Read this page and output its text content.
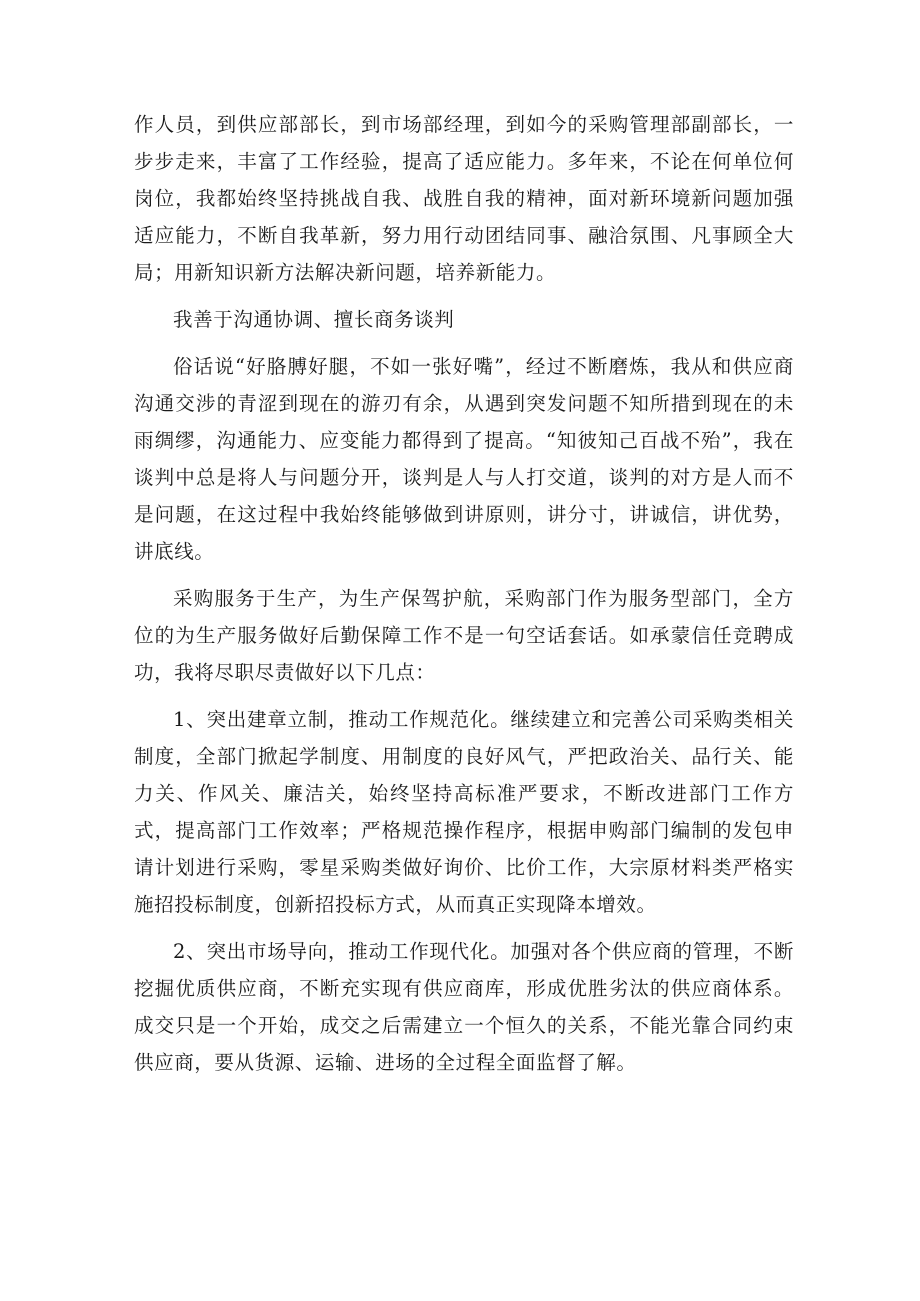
作人员，到供应部部长，到市场部经理，到如今的采购管理部副部长，一步步走来，丰富了工作经验，提高了适应能力。多年来，不论在何单位何岗位，我都始终坚持挑战自我、战胜自我的精神，面对新环境新问题加强适应能力，不断自我革新，努力用行动团结同事、融洽氛围、凡事顾全大局；用新知识新方法解决新问题，培养新能力。

我善于沟通协调、擅长商务谈判

俗话说“好胳膊好腿，不如一张好嘴”，经过不断磨炼，我从和供应商沟通交涉的青涩到现在的游刃有余，从遇到突发问题不知所措到现在的未雨绸缪，沟通能力、应变能力都得到了提高。“知彼知己百战不殆”，我在谈判中总是将人与问题分开，谈判是人与人打交道，谈判的对方是人而不是问题，在这过程中我始终能够做到讲原则，讲分寸，讲诚信，讲优势，讲底线。

采购服务于生产，为生产保驾护航，采购部门作为服务型部门，全方位的为生产服务做好后勤保障工作不是一句空话套话。如承蒙信任竞聘成功，我将尽职尽责做好以下几点：

1、突出建章立制，推动工作规范化。继续建立和完善公司采购类相关制度，全部门掀起学制度、用制度的良好风气，严把政治关、品行关、能力关、作风关、廉洁关，始终坚持高标准严要求，不断改进部门工作方式，提高部门工作效率；严格规范操作程序，根据申购部门编制的发包申请计划进行采购，零星采购类做好询价、比价工作，大宗原材料类严格实施招投标制度，创新招投标方式，从而真正实现降本增效。

2、突出市场导向，推动工作现代化。加强对各个供应商的管理，不断挖掘优质供应商，不断充实现有供应商库，形成优胜劣汰的供应商体系。成交只是一个开始，成交之后需建立一个恒久的关系，不能光靠合同约束供应商，要从货源、运输、进场的全过程全面监督了解。
